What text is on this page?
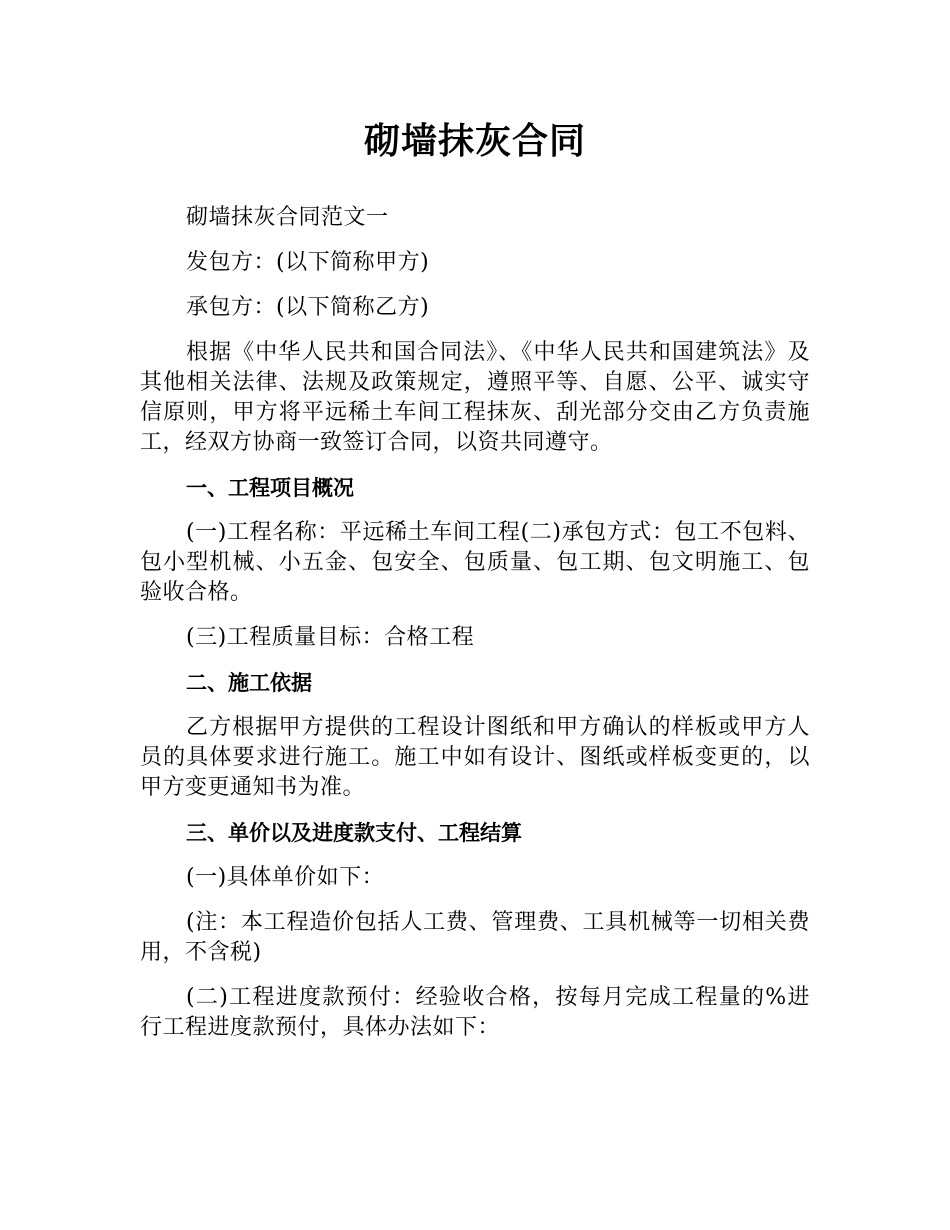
砌墙抹灰合同

砌墙抹灰合同范文一

发包方：(以下简称甲方)

承包方：(以下简称乙方)

根据《中华人民共和国合同法》、《中华人民共和国建筑法》及其他相关法律、法规及政策规定，遵照平等、自愿、公平、诚实守信原则，甲方将平远稀土车间工程抹灰、刮光部分交由乙方负责施工，经双方协商一致签订合同，以资共同遵守。

一、工程项目概况

(一)工程名称：平远稀土车间工程(二)承包方式：包工不包料、包小型机械、小五金、包安全、包质量、包工期、包文明施工、包验收合格。

(三)工程质量目标：合格工程

二、施工依据

乙方根据甲方提供的工程设计图纸和甲方确认的样板或甲方人员的具体要求进行施工。施工中如有设计、图纸或样板变更的，以甲方变更通知书为准。

三、单价以及进度款支付、工程结算

(一)具体单价如下：

(注：本工程造价包括人工费、管理费、工具机械等一切相关费用，不含税)

(二)工程进度款预付：经验收合格，按每月完成工程量的%进行工程进度款预付，具体办法如下：
